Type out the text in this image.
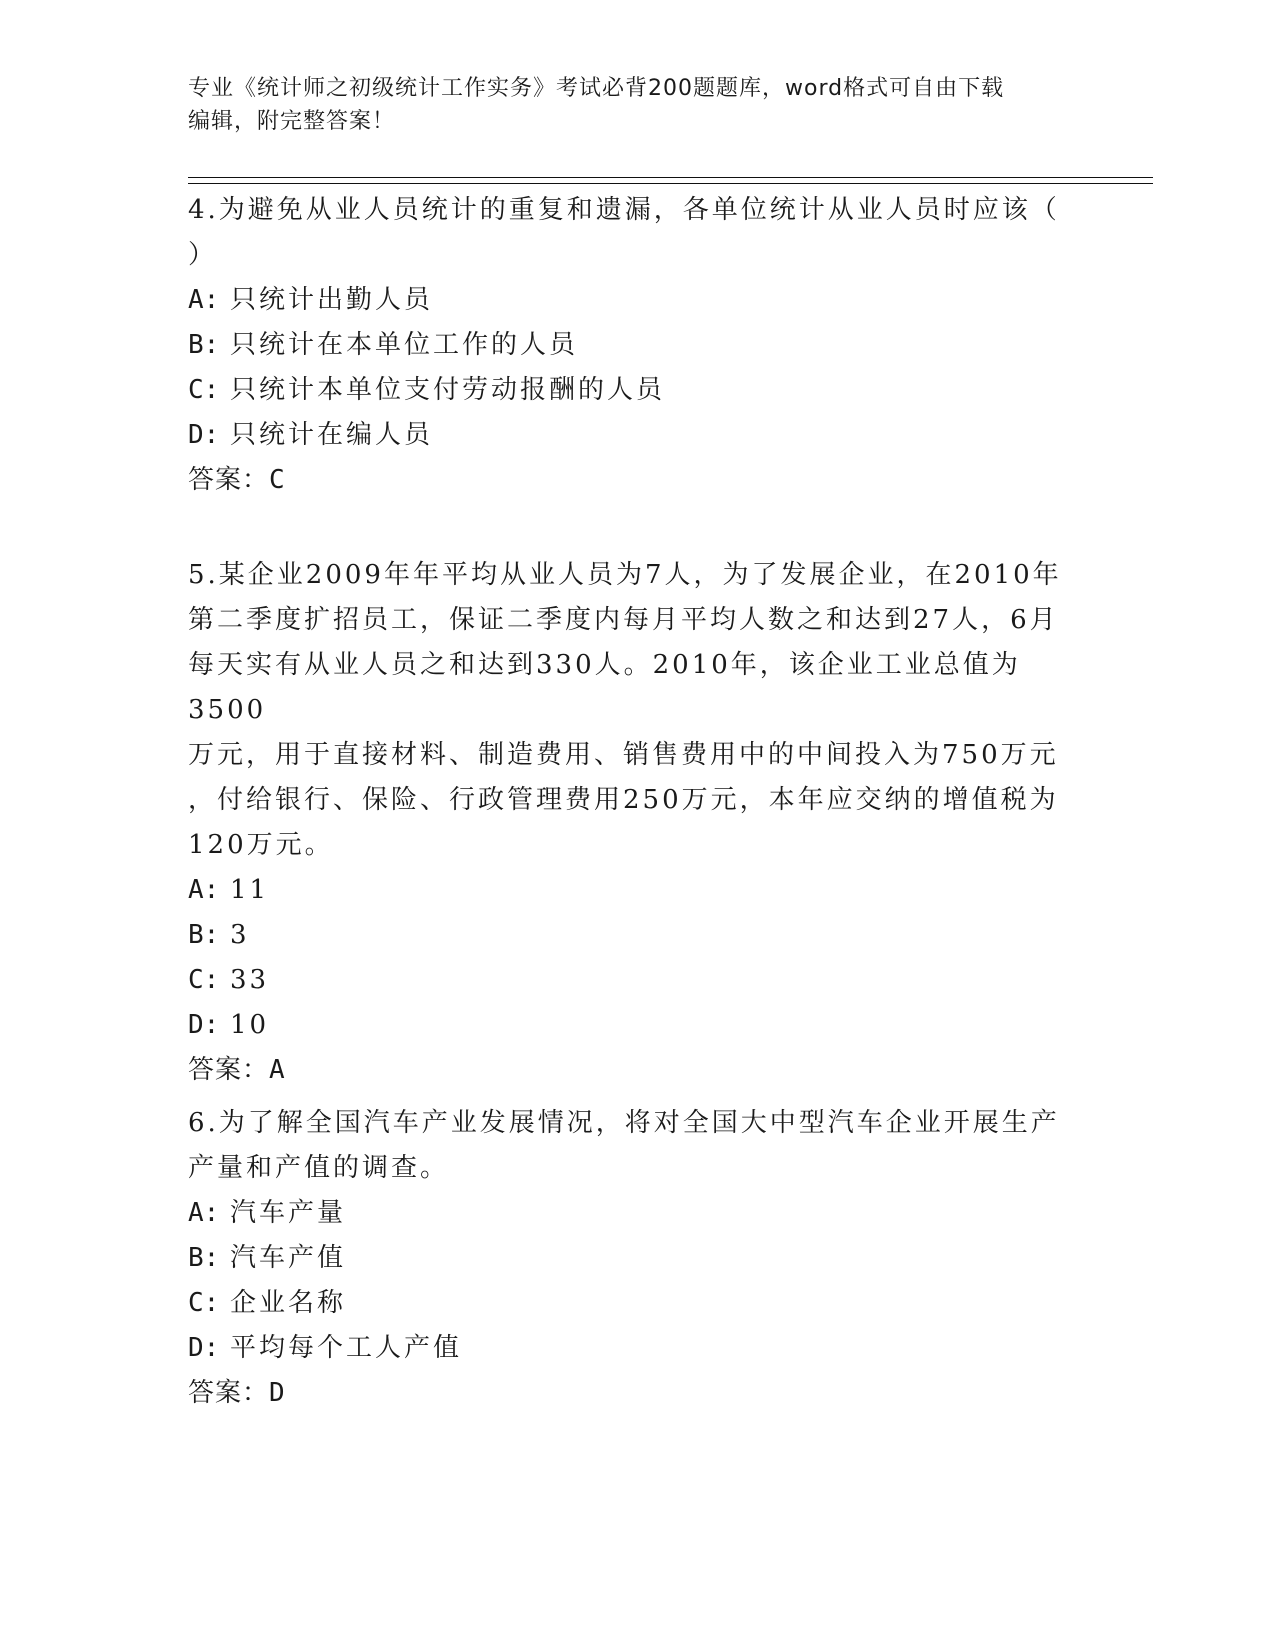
专业《统计师之初级统计工作实务》考试必背200题题库，word格式可自由下载
编辑，附完整答案！

4.为避免从业人员统计的重复和遗漏，各单位统计从业人员时应该（

）

A: 只统计出勤人员

B: 只统计在本单位工作的人员

C: 只统计本单位支付劳动报酬的人员

D: 只统计在编人员

答案：C

5.某企业2009年年平均从业人员为7人，为了发展企业，在2010年

第二季度扩招员工，保证二季度内每月平均人数之和达到27人，6月

每天实有从业人员之和达到330人。2010年，该企业工业总值为3500

万元，用于直接材料、制造费用、销售费用中的中间投入为750万元

，付给银行、保险、行政管理费用250万元，本年应交纳的增值税为

120万元。

A: 11

B: 3

C: 33

D: 10

答案：A

6.为了解全国汽车产业发展情况，将对全国大中型汽车企业开展生产

产量和产值的调查。

A: 汽车产量

B: 汽车产值

C: 企业名称

D: 平均每个工人产值

答案：D
